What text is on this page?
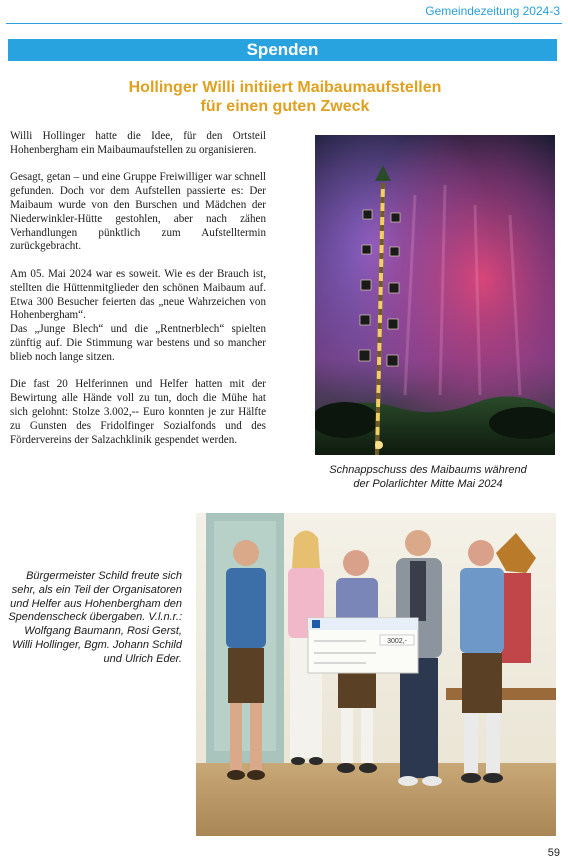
Gemeindezeitung 2024-3
Spenden
Hollinger Willi initiiert Maibaumaufstellen
für einen guten Zweck

Willi Hollinger hatte die Idee, für den Ortsteil Hohenbergham ein Maibaumaufstellen zu organisieren.

Gesagt, getan – und eine Gruppe Freiwilliger war schnell gefunden. Doch vor dem Aufstellen passierte es: Der Maibaum wurde von den Burschen und Mädchen der Niederwinkler-Hütte gestohlen, aber nach zähen Verhandlungen pünktlich zum Aufstelltermin zurückgebracht.

Am 05. Mai 2024 war es soweit. Wie es der Brauch ist, stellten die Hüttenmitglieder den schönen Maibaum auf. Etwa 300 Besucher feierten das „neue Wahrzeichen von Hohenbergham“.

Das „Junge Blech“ und die „Rentnerblech“ spielten zünftig auf. Die Stimmung war bestens und so mancher blieb noch lange sitzen.

Die fast 20 Helferinnen und Helfer hatten mit der Bewirtung alle Hände voll zu tun, doch die Mühe hat sich gelohnt: Stolze 3.002,-- Euro konnten je zur Hälfte zu Gunsten des Fridolfinger Sozialfonds und des Fördervereins der Salzachklinik gespendet werden.

Schnappschuss des Maibaums während
der Polarlichter Mitte Mai 2024
Bürgermeister Schild freute sich sehr, als ein Teil der Organisatoren und Helfer aus Hohenbergham den Spendenscheck übergaben. V.l.n.r.: Wolfgang Baumann, Rosi Gerst, Willi Hollinger, Bgm. Johann Schild und Ulrich Eder.
3002,-
59
